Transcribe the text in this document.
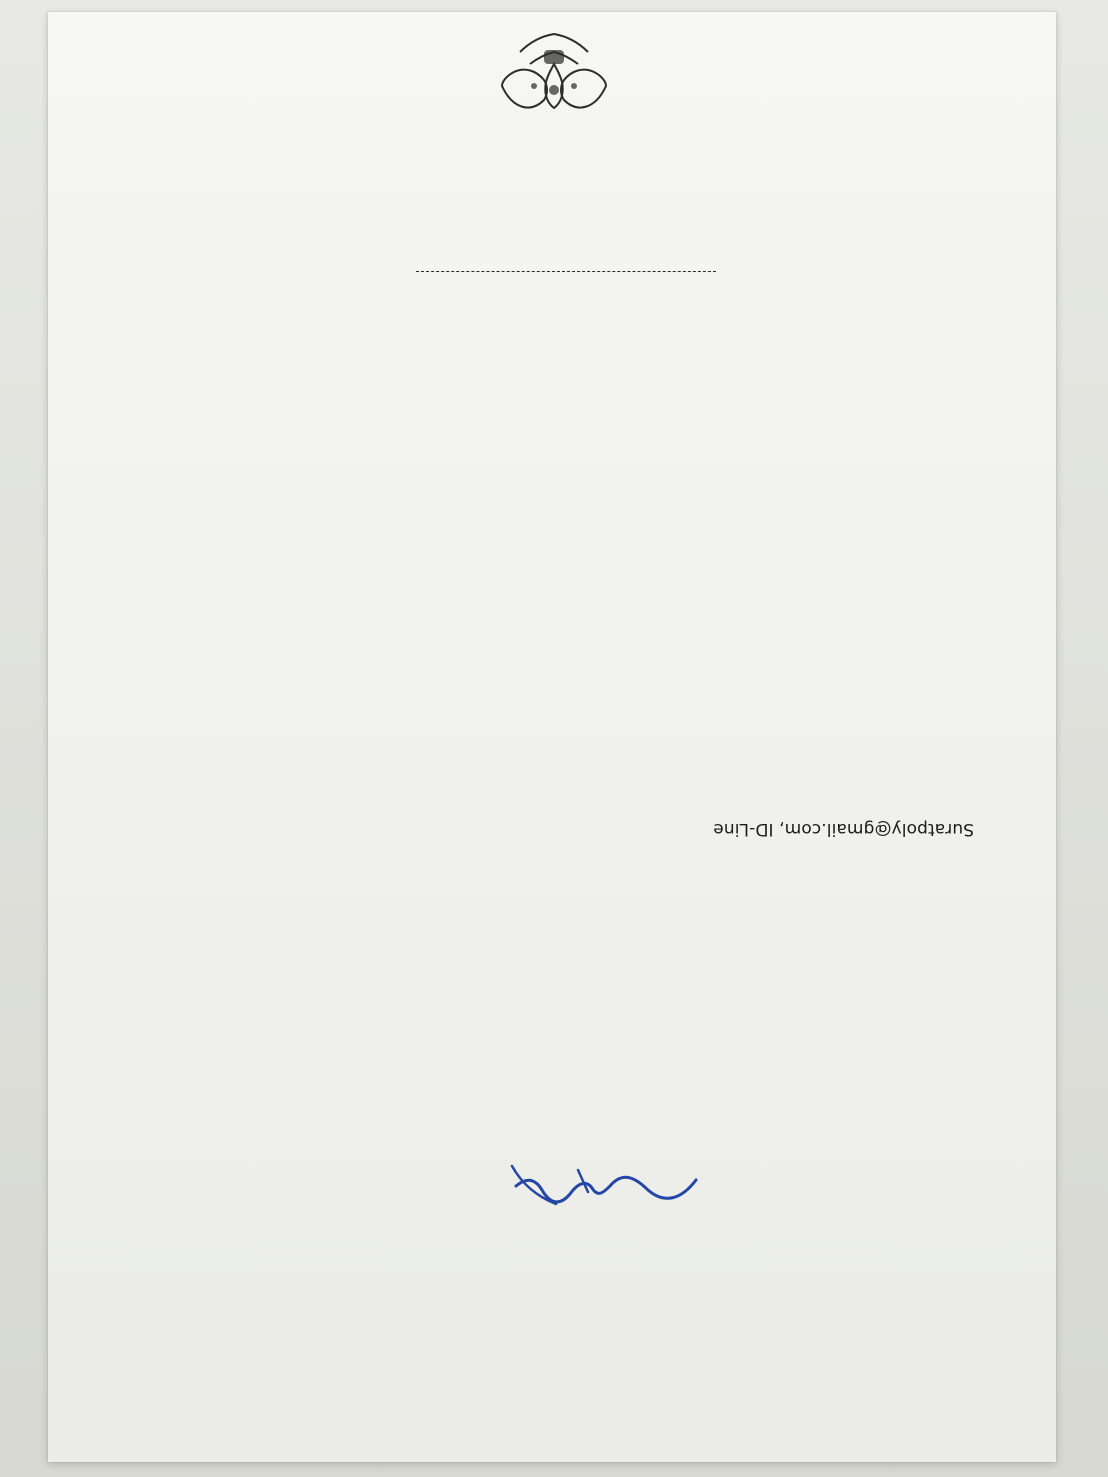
Suratpoly@gmail.com, ID-Line
